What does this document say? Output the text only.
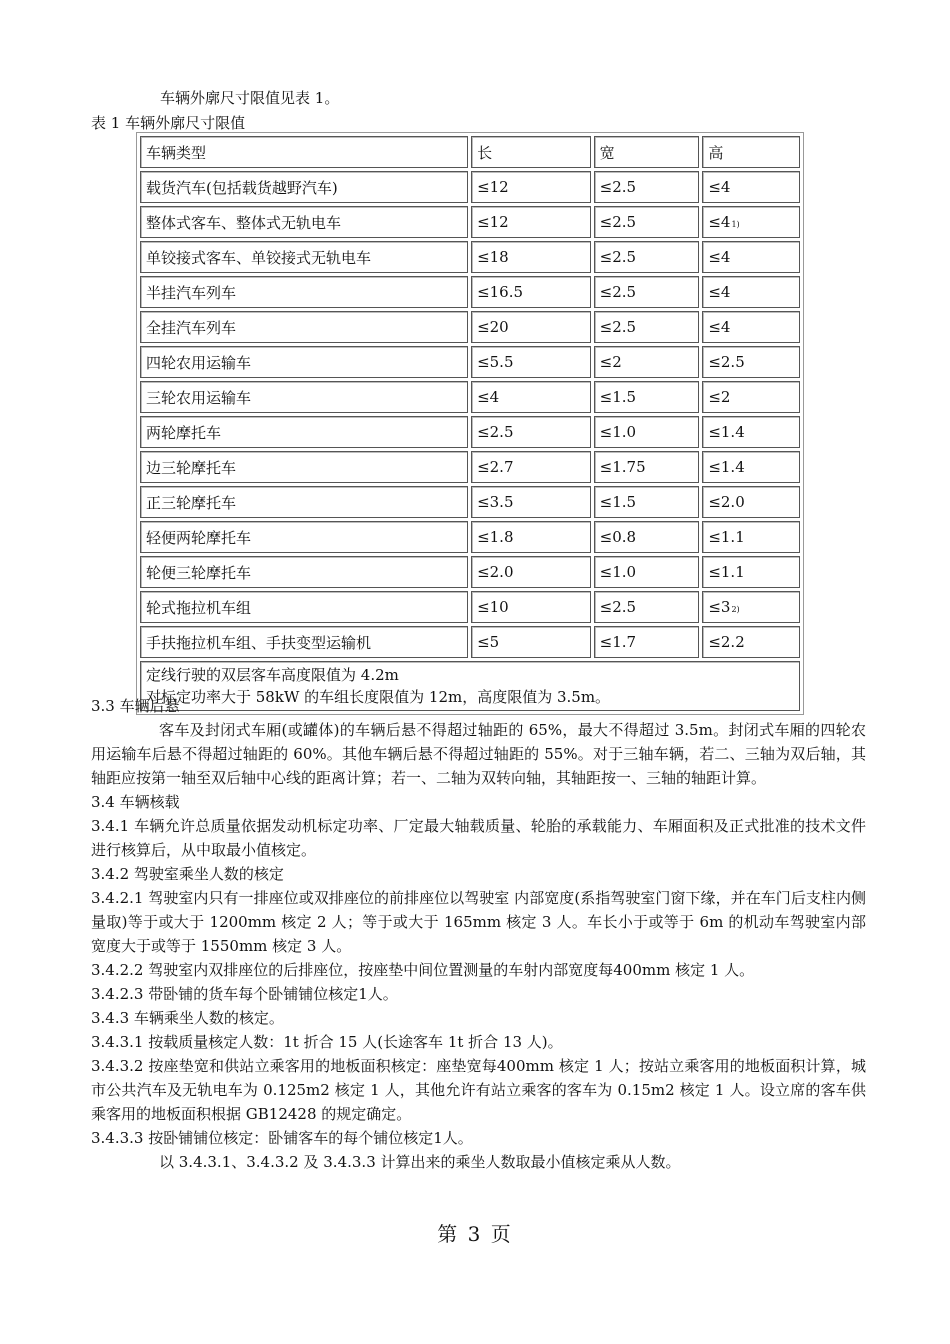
车辆外廓尺寸限值见表 1。
表 1 车辆外廓尺寸限值
车辆类型	长	宽	高
载货汽车(包括载货越野汽车)	≤12	≤2.5	≤4
整体式客车、整体式无轨电车	≤12	≤2.5	≤41)
单铰接式客车、单铰接式无轨电车	≤18	≤2.5	≤4
半挂汽车列车	≤16.5	≤2.5	≤4
全挂汽车列车	≤20	≤2.5	≤4
四轮农用运输车	≤5.5	≤2	≤2.5
三轮农用运输车	≤4	≤1.5	≤2
两轮摩托车	≤2.5	≤1.0	≤1.4
边三轮摩托车	≤2.7	≤1.75	≤1.4
正三轮摩托车	≤3.5	≤1.5	≤2.0
轻便两轮摩托车	≤1.8	≤0.8	≤1.1
轮便三轮摩托车	≤2.0	≤1.0	≤1.1
轮式拖拉机车组	≤10	≤2.5	≤32)
手扶拖拉机车组、手扶变型运输机	≤5	≤1.7	≤2.2

定线行驶的双层客车高度限值为 4.2m
对标定功率大于 58kW 的车组长度限值为 12m，高度限值为 3.5m。			

3.3 车辆后悬

客车及封闭式车厢(或罐体)的车辆后悬不得超过轴距的 65%，最大不得超过 3.5m。封闭式车厢的四轮农用运输车后悬不得超过轴距的 60%。其他车辆后悬不得超过轴距的 55%。对于三轴车辆，若二、三轴为双后轴，其轴距应按第一轴至双后轴中心线的距离计算；若一、二轴为双转向轴，其轴距按一、三轴的轴距计算。

3.4 车辆核载

3.4.1 车辆允许总质量依据发动机标定功率、厂定最大轴载质量、轮胎的承载能力、车厢面积及正式批准的技术文件进行核算后，从中取最小值核定。

3.4.2 驾驶室乘坐人数的核定

3.4.2.1 驾驶室内只有一排座位或双排座位的前排座位以驾驶室 内部宽度(系指驾驶室门窗下缘，并在车门后支柱内侧量取)等于或大于 1200mm 核定 2 人；等于或大于 165mm 核定 3 人。车长小于或等于 6m 的机动车驾驶室内部宽度大于或等于 1550mm 核定 3 人。

3.4.2.2 驾驶室内双排座位的后排座位，按座垫中间位置测量的车射内部宽度每400mm 核定 1 人。

3.4.2.3 带卧铺的货车每个卧铺铺位核定1人。

3.4.3 车辆乘坐人数的核定。

3.4.3.1 按载质量核定人数：1t 折合 15 人(长途客车 1t 折合 13 人)。

3.4.3.2 按座垫宽和供站立乘客用的地板面积核定：座垫宽每400mm 核定 1 人；按站立乘客用的地板面积计算，城市公共汽车及无轨电车为 0.125m2 核定 1 人，其他允许有站立乘客的客车为 0.15m2 核定 1 人。设立席的客车供乘客用的地板面积根据 GB12428 的规定确定。

3.4.3.3 按卧铺铺位核定：卧铺客车的每个铺位核定1人。

以 3.4.3.1、3.4.3.2 及 3.4.3.3 计算出来的乘坐人数取最小值核定乘从人数。

第 3 页
